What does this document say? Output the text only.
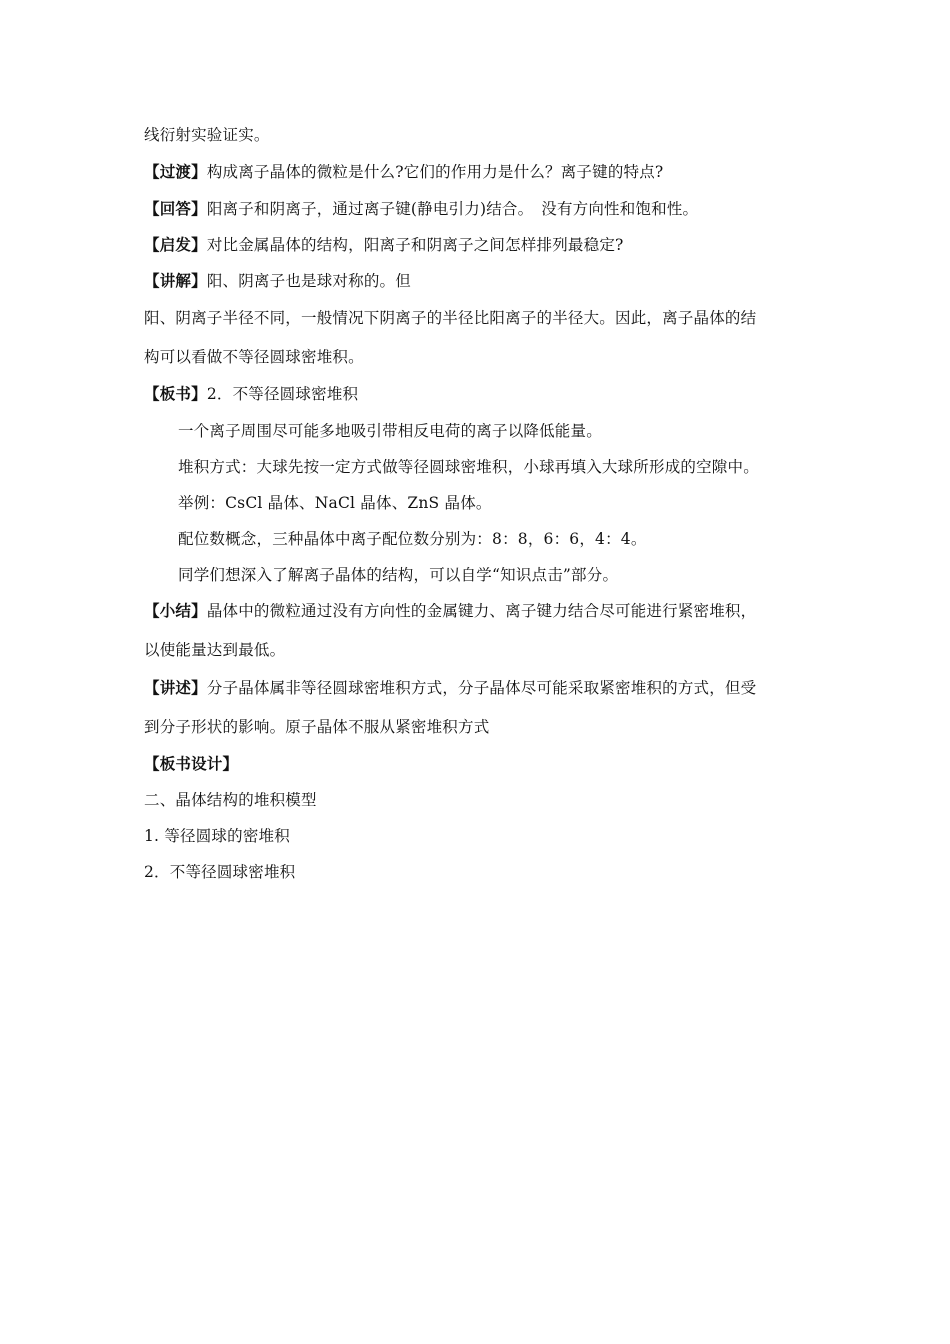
线衍射实验证实。
【过渡】构成离子晶体的微粒是什么?它们的作用力是什么？离子键的特点?
【回答】阳离子和阴离子，通过离子键(静电引力)结合。　没有方向性和饱和性。
【启发】对比金属晶体的结构，阳离子和阴离子之间怎样排列最稳定?
【讲解】阳、阴离子也是球对称的。但
阳、阴离子半径不同，一般情况下阴离子的半径比阳离子的半径大。因此，离子晶体的结
构可以看做不等径圆球密堆积。
【板书】2．不等径圆球密堆积
一个离子周围尽可能多地吸引带相反电荷的离子以降低能量。
堆积方式：大球先按一定方式做等径圆球密堆积，小球再填入大球所形成的空隙中。
举例：CsCl 晶体、NaCl 晶体、ZnS 晶体。
配位数概念，三种晶体中离子配位数分别为：8：8，6：6，4：4。
同学们想深入了解离子晶体的结构，可以自学“知识点击”部分。
【小结】晶体中的微粒通过没有方向性的金属键力、离子键力结合尽可能进行紧密堆积，
以使能量达到最低。
【讲述】分子晶体属非等径圆球密堆积方式，分子晶体尽可能采取紧密堆积的方式，但受
到分子形状的影响。原子晶体不服从紧密堆积方式
【板书设计】
二、晶体结构的堆积模型
1. 等径圆球的密堆积
2．不等径圆球密堆积
